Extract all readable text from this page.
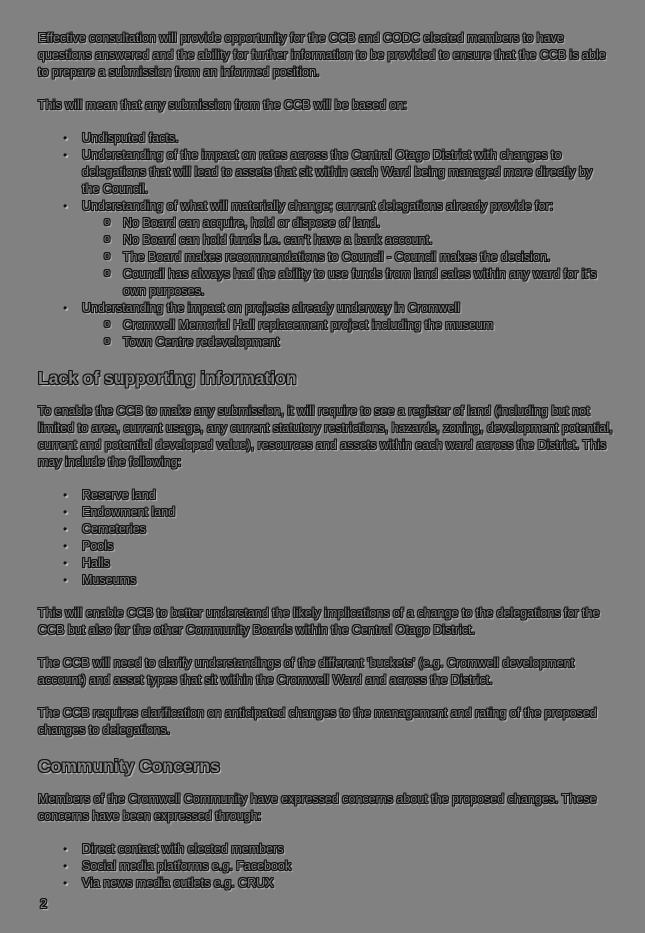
Effective consultation will provide opportunity for the CCB and CODC elected members to have questions answered and the ability for further information to be provided to ensure that the CCB is able to prepare a submission from an informed position.

This will mean that any submission from the CCB will be based on:

• Undisputed facts.
• Understanding of the impact on rates across the Central Otago District with changes to delegations that will lead to assets that sit within each Ward being managed more directly by the Council.
• Understanding of what will materially change; current delegations already provide for:
o No Board can acquire, hold or dispose of land.
o No Board can hold funds i.e. can't have a bank account.
o The Board makes recommendations to Council - Council makes the decision.
o Council has always had the ability to use funds from land sales within any ward for it's own purposes.
• Understanding the impact on projects already underway in Cromwell
o Cromwell Memorial Hall replacement project including the museum
o Town Centre redevelopment
Lack of supporting information

To enable the CCB to make any submission, it will require to see a register of land (including but not limited to area, current usage, any current statutory restrictions, hazards, zoning, development potential, current and potential developed value), resources and assets within each ward across the District. This may include the following:

• Reserve land
• Endowment land
• Cemeteries
• Pools
• Halls
• Museums

This will enable CCB to better understand the likely implications of a change to the delegations for the CCB but also for the other Community Boards within the Central Otago District.

The CCB will need to clarify understandings of the different 'buckets' (e.g. Cromwell development account) and asset types that sit within the Cromwell Ward and across the District.

The CCB requires clarification on anticipated changes to the management and rating of the proposed changes to delegations.

Community Concerns

Members of the Cromwell Community have expressed concerns about the proposed changes. These concerns have been expressed through:

• Direct contact with elected members
• Social media platforms e.g. Facebook
• Via news media outlets e.g. CRUX
2
